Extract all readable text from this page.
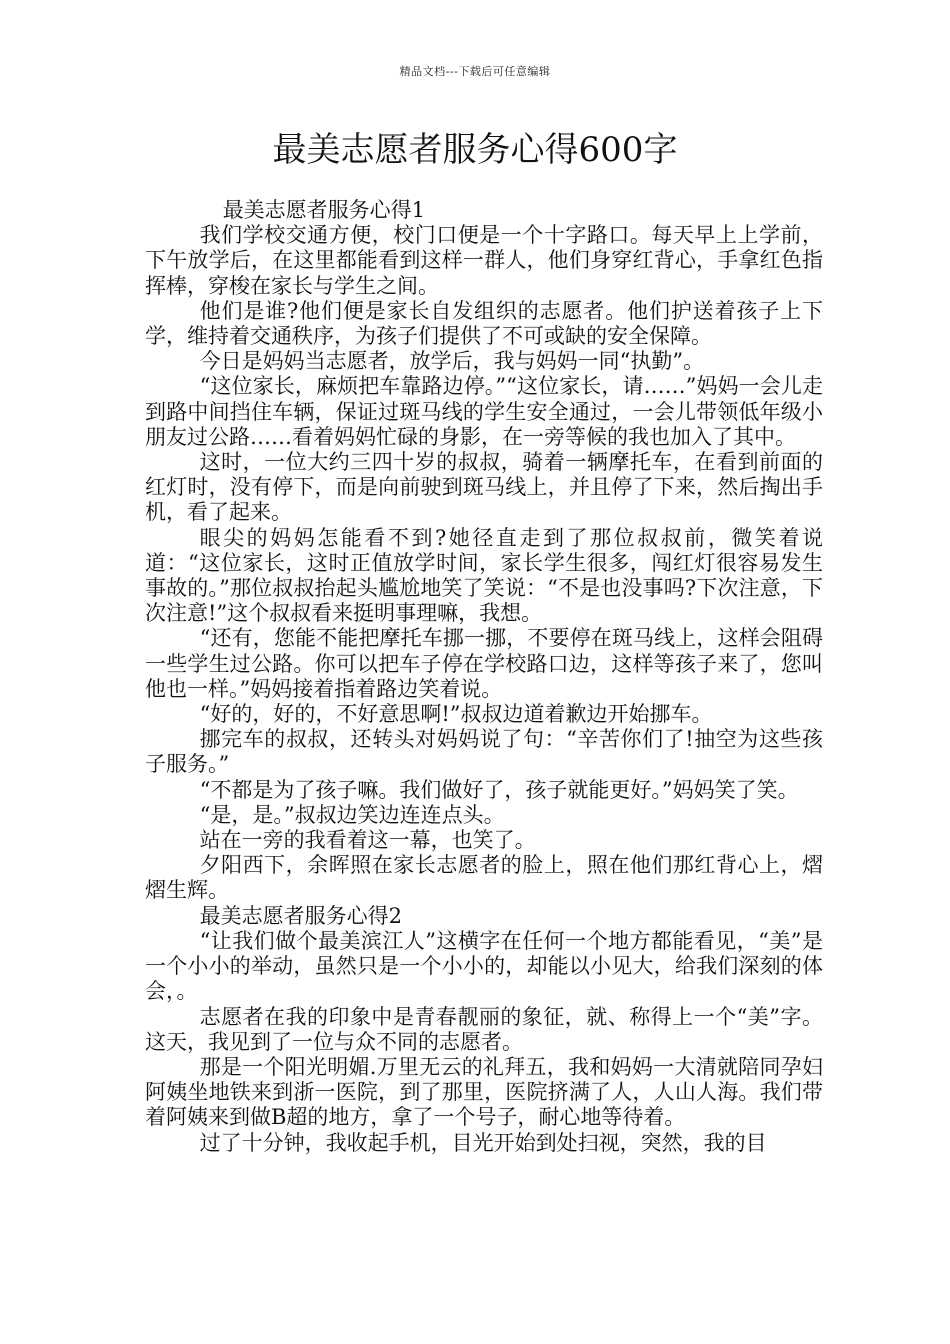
精品文档---下载后可任意编辑
最美志愿者服务心得600字

最美志愿者服务心得1

我们学校交通方便，校门口便是一个十字路口。每天早上上学前，下午放学后，在这里都能看到这样一群人，他们身穿红背心，手拿红色指挥棒，穿梭在家长与学生之间。

他们是谁?他们便是家长自发组织的志愿者。他们护送着孩子上下学，维持着交通秩序，为孩子们提供了不可或缺的安全保障。

今日是妈妈当志愿者，放学后，我与妈妈一同“执勤”。

“这位家长，麻烦把车靠路边停。”“这位家长，请……”妈妈一会儿走到路中间挡住车辆，保证过斑马线的学生安全通过，一会儿带领低年级小朋友过公路……看着妈妈忙碌的身影，在一旁等候的我也加入了其中。

这时，一位大约三四十岁的叔叔，骑着一辆摩托车，在看到前面的红灯时，没有停下，而是向前驶到斑马线上，并且停了下来，然后掏出手机，看了起来。

眼尖的妈妈怎能看不到?她径直走到了那位叔叔前，微笑着说道：“这位家长，这时正值放学时间，家长学生很多，闯红灯很容易发生事故的。”那位叔叔抬起头尴尬地笑了笑说：“不是也没事吗?下次注意，下次注意!”这个叔叔看来挺明事理嘛，我想。

“还有，您能不能把摩托车挪一挪，不要停在斑马线上，这样会阻碍一些学生过公路。你可以把车子停在学校路口边，这样等孩子来了，您叫他也一样。”妈妈接着指着路边笑着说。

“好的，好的，不好意思啊!”叔叔边道着歉边开始挪车。

挪完车的叔叔，还转头对妈妈说了句：“辛苦你们了!抽空为这些孩子服务。”

“不都是为了孩子嘛。我们做好了，孩子就能更好。”妈妈笑了笑。

“是，是。”叔叔边笑边连连点头。

站在一旁的我看着这一幕，也笑了。

夕阳西下，余晖照在家长志愿者的脸上，照在他们那红背心上，熠熠生辉。

最美志愿者服务心得2

“让我们做个最美滨江人”这横字在任何一个地方都能看见，“美”是一个小小的举动，虽然只是一个小小的，却能以小见大，给我们深刻的体会，。

志愿者在我的印象中是青春靓丽的象征，就、称得上一个“美”字。这天，我见到了一位与众不同的志愿者。

那是一个阳光明媚.万里无云的礼拜五，我和妈妈一大清就陪同孕妇阿姨坐地铁来到浙一医院，到了那里，医院挤满了人，人山人海。我们带着阿姨来到做B超的地方，拿了一个号子，耐心地等待着。

过了十分钟，我收起手机，目光开始到处扫视，突然，我的目
